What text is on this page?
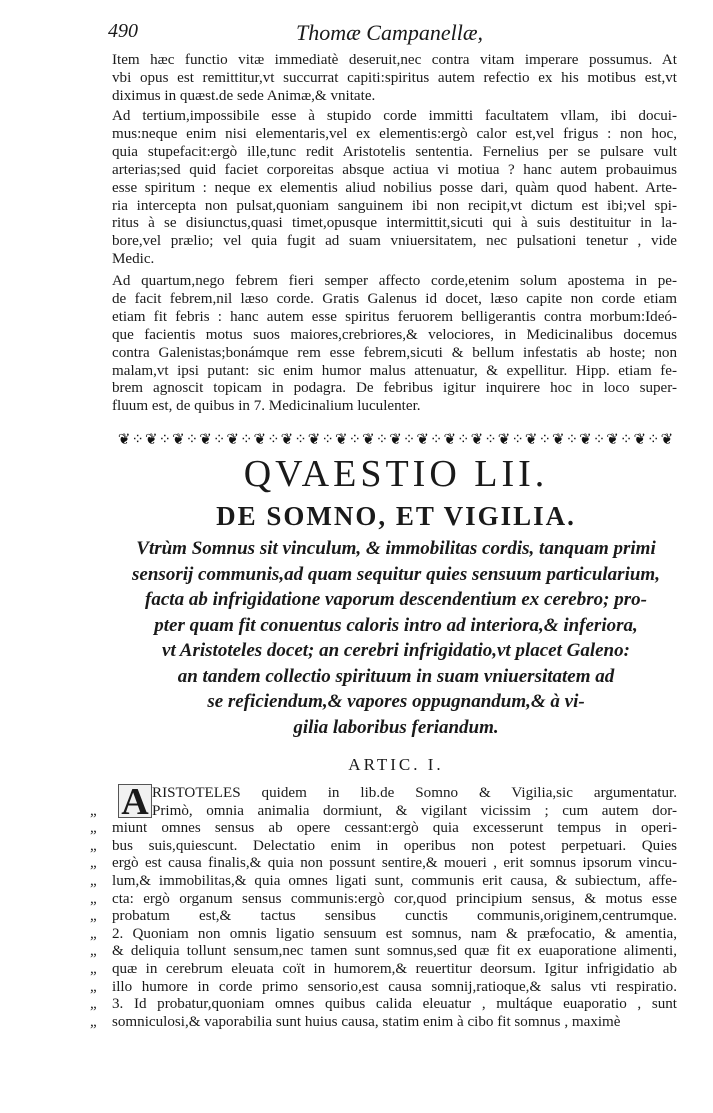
490	Thomæ Campanellæ,
Item hæc functio vitæ immediatè deseruit,nec contra vitam imperare possumus. At
vbi opus est remittitur,vt succurrat capiti:spiritus autem refectio ex his motibus est,vt
diximus in quæst.de sede Animæ,& vnitate.
Ad tertium,impossibile esse à stupido corde immitti facultatem vllam, ibi docui-
mus:neque enim nisi elementaris,vel ex elementis:ergò calor est,vel frigus : non hoc,
quia stupefacit:ergò ille,tunc redit Aristotelis sententia. Fernelius per se pulsare vult
arterias;sed quid faciet corporeitas absque actiua vi motiua ? hanc autem probauimus
esse spiritum : neque ex elementis aliud nobilius posse dari, quàm quod habent. Arte-
ria intercepta non pulsat,quoniam sanguinem ibi non recipit,vt dictum est ibi;vel spi-
ritus à se disiunctus,quasi timet,opusque intermittit,sicuti qui à suis destituitur in la-
bore,vel prælio; vel quia fugit ad suam vniuersitatem, nec pulsationi tenetur , vide
Medic.
Ad quartum,nego febrem fieri semper affecto corde,etenim solum apostema in pe-
de facit febrem,nil læso corde. Gratis Galenus id docet, læso capite non corde etiam
etiam fit febris : hanc autem esse spiritus feruorem belligerantis contra morbum:Ideó-
que facientis motus suos maiores,crebriores,& velociores, in Medicinalibus docemus
contra Galenistas;bonámque rem esse febrem,sicuti & bellum infestatis ab hoste; non
malam,vt ipsi putant: sic enim humor malus attenuatur, & expellitur. Hipp. etiam fe-
brem agnoscit topicam in podagra. De febribus igitur inquirere hoc in loco super-
fluum est, de quibus in 7. Medicinalium luculenter.
❦⁘❦⁘❦⁘❦⁘❦⁘❦⁘❦⁘❦⁘❦⁘❦⁘❦⁘❦⁘❦⁘❦⁘❦⁘❦⁘❦⁘❦⁘❦⁘❦⁘❦
QVAESTIO LII.
DE SOMNO, ET VIGILIA.
Vtrùm Somnus sit vinculum, & immobilitas cordis, tanquam primi
sensorij communis,ad quam sequitur quies sensuum particularium,
facta ab infrigidatione vaporum descendentium ex cerebro; pro-
pter quam fit conuentus caloris intro ad interiora,& inferiora,
vt Aristoteles docet; an cerebri infrigidatio,vt placet Galeno:
an tandem collectio spirituum in suam vniuersitatem ad
se reficiendum,& vapores oppugnandum,& à vi-
gilia laboribus feriandum.
ARTIC. I.
A RISTOTELES quidem in lib.de Somno & Vigilia,sic argumentatur.
„	Primò, omnia animalia dormiunt, & vigilant vicissim ; cum autem dor-
„ miunt omnes sensus ab opere cessant:ergò quia excesserunt tempus in operi-
„ bus suis,quiescunt. Delectatio enim in operibus non potest perpetuari. Quies
„ ergò est causa finalis,& quia non possunt sentire,& moueri , erit somnus ipsorum vincu-
„ lum,& immobilitas,& quia omnes ligati sunt, communis erit causa, & subiectum, affe-
„ cta: ergò organum sensus communis:ergò cor,quod principium sensus, & motus esse
„ probatum est,& tactus sensibus cunctis communis,originem,centrumque.
„ 2. Quoniam non omnis ligatio sensuum est somnus, nam & præfocatio, & amentia,
„ & deliquia tollunt sensum,nec tamen sunt somnus,sed quæ fit ex euaporatione alimenti,
„ quæ in cerebrum eleuata coït in humorem,& reuertitur deorsum. Igitur infrigidatio ab
„ illo humore in corde primo sensorio,est causa somnij,ratioque,& salus vti respiratio.
„ 3. Id probatur,quoniam omnes quibus calida eleuatur , multáque euaporatio , sunt
„ somniculosi,& vaporabilia sunt huius causa, statim enim à cibo fit somnus , maximè
